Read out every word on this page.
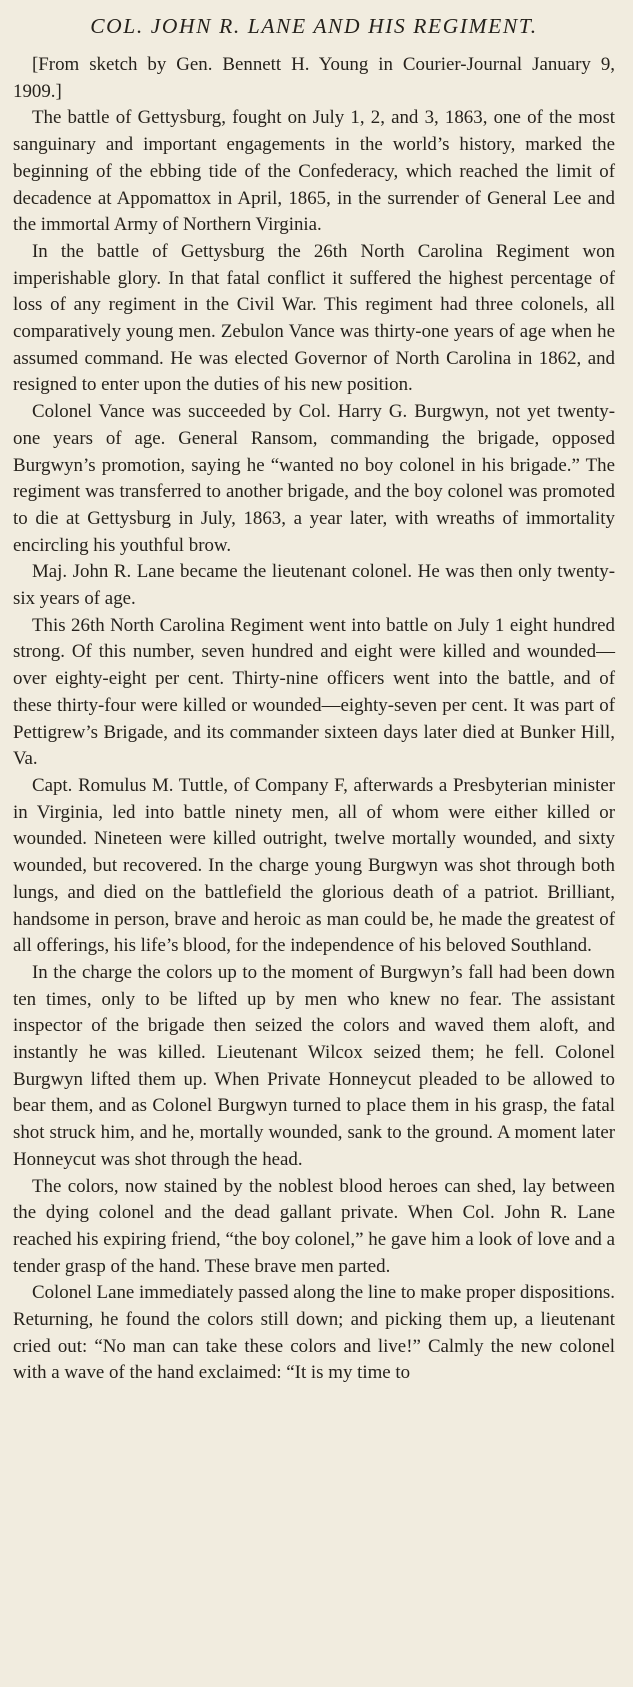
COL. JOHN R. LANE AND HIS REGIMENT.

[From sketch by Gen. Bennett H. Young in Courier-Journal January 9, 1909.]

The battle of Gettysburg, fought on July 1, 2, and 3, 1863, one of the most sanguinary and important engagements in the world’s history, marked the beginning of the ebbing tide of the Confederacy, which reached the limit of decadence at Appomattox in April, 1865, in the surrender of General Lee and the immortal Army of Northern Virginia.

In the battle of Gettysburg the 26th North Carolina Regiment won imperishable glory. In that fatal conflict it suffered the highest percentage of loss of any regiment in the Civil War. This regiment had three colonels, all comparatively young men. Zebulon Vance was thirty-one years of age when he assumed command. He was elected Governor of North Carolina in 1862, and resigned to enter upon the duties of his new position.

Colonel Vance was succeeded by Col. Harry G. Burgwyn, not yet twenty-one years of age. General Ransom, commanding the brigade, opposed Burgwyn’s promotion, saying he “wanted no boy colonel in his brigade.” The regiment was transferred to another brigade, and the boy colonel was promoted to die at Gettysburg in July, 1863, a year later, with wreaths of immortality encircling his youthful brow.

Maj. John R. Lane became the lieutenant colonel. He was then only twenty-six years of age.

This 26th North Carolina Regiment went into battle on July 1 eight hundred strong. Of this number, seven hundred and eight were killed and wounded—over eighty-eight per cent. Thirty-nine officers went into the battle, and of these thirty-four were killed or wounded—eighty-seven per cent. It was part of Pettigrew’s Brigade, and its commander sixteen days later died at Bunker Hill, Va.

Capt. Romulus M. Tuttle, of Company F, afterwards a Presbyterian minister in Virginia, led into battle ninety men, all of whom were either killed or wounded. Nineteen were killed outright, twelve mortally wounded, and sixty wounded, but recovered. In the charge young Burgwyn was shot through both lungs, and died on the battlefield the glorious death of a patriot. Brilliant, handsome in person, brave and heroic as man could be, he made the greatest of all offerings, his life’s blood, for the independence of his beloved Southland.

In the charge the colors up to the moment of Burgwyn’s fall had been down ten times, only to be lifted up by men who knew no fear. The assistant inspector of the brigade then seized the colors and waved them aloft, and instantly he was killed. Lieutenant Wilcox seized them; he fell. Colonel Burgwyn lifted them up. When Private Honneycut pleaded to be allowed to bear them, and as Colonel Burgwyn turned to place them in his grasp, the fatal shot struck him, and he, mortally wounded, sank to the ground. A moment later Honneycut was shot through the head.

The colors, now stained by the noblest blood heroes can shed, lay between the dying colonel and the dead gallant private. When Col. John R. Lane reached his expiring friend, “the boy colonel,” he gave him a look of love and a tender grasp of the hand. These brave men parted.

Colonel Lane immediately passed along the line to make proper dispositions. Returning, he found the colors still down; and picking them up, a lieutenant cried out: “No man can take these colors and live!” Calmly the new colonel with a wave of the hand exclaimed: “It is my time to
